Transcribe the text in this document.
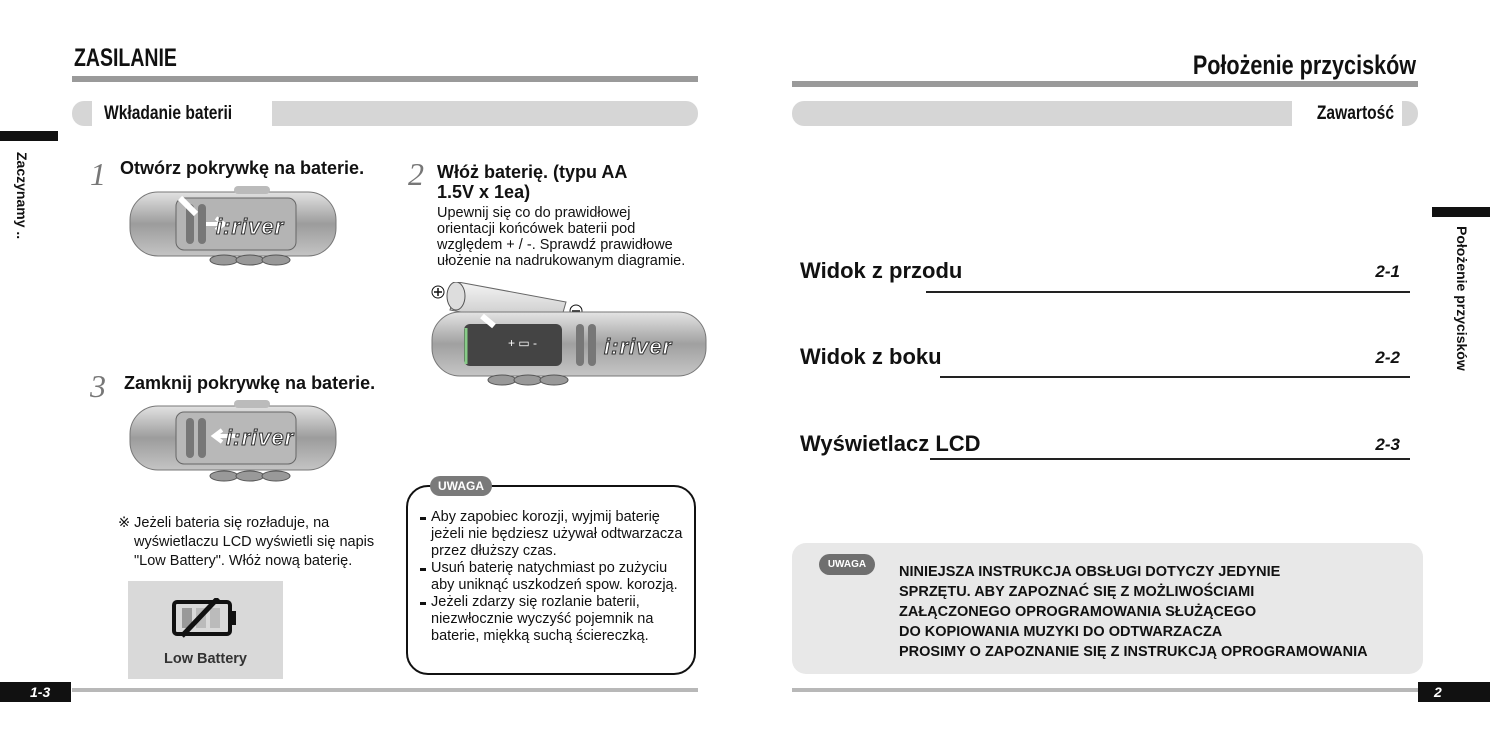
ZASILANIE
Wkładanie baterii
Zaczynamy .. 1 Otwórz pokrywkę na baterie.
i:river
2 Włóż baterię. (typu AA
1.5V x 1ea)
Upewnij się co do prawidłowej
orientacji końcówek baterii pod
względem + / -. Sprawdź prawidłowe
ułożenie na nadrukowanym diagramie.
+ ▭ -	i:river
3 Zamknij pokrywkę na baterie.
i:river
※ Jeżeli bateria się rozładuje, na
wyświetlaczu LCD wyświetli się napis
"Low Battery". Włóż nową baterię.
Low Battery
UWAGA
Aby zapobiec korozji, wyjmij baterię
jeżeli nie będziesz używał odtwarzacza
przez dłuższy czas.
Usuń baterię natychmiast po zużyciu
aby uniknąć uszkodzeń spow. korozją.
Jeżeli zdarzy się rozlanie baterii,
niezwłocznie wyczyść pojemnik na
baterie, miękką suchą ściereczką.
1-3
Położenie przycisków
Zawartość
Położenie przycisków
Widok z przodu	2-1
Widok z boku	2-2
Wyświetlacz LCD	2-3
UWAGA	NINIEJSZA INSTRUKCJA OBSŁUGI DOTYCZY JEDYNIE
SPRZĘTU. ABY ZAPOZNAĆ SIĘ Z MOŻLIWOŚCIAMI
ZAŁĄCZONEGO OPROGRAMOWANIA SŁUŻĄCEGO
DO KOPIOWANIA MUZYKI DO ODTWARZACZA
PROSIMY O ZAPOZNANIE SIĘ Z INSTRUKCJĄ OPROGRAMOWANIA
2
